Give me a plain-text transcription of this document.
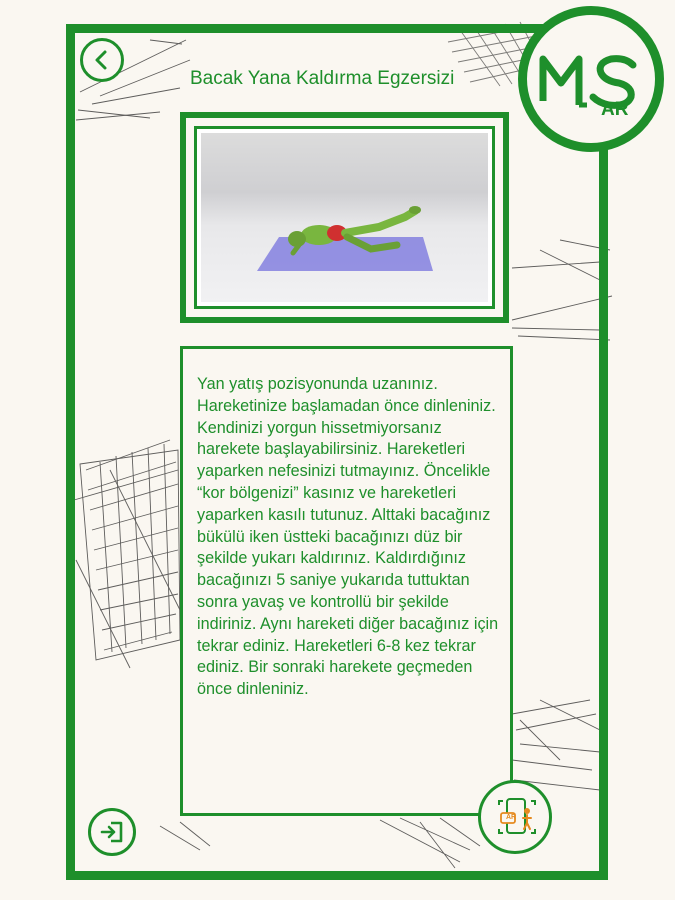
Bacak Yana Kaldırma Egzersizi
AR

Yan yatış pozisyonunda uzanınız. Hareketinize başlamadan önce dinleniniz. Kendinizi yorgun hissetmiyorsanız harekete başlayabilirsiniz. Hareketleri yaparken nefesinizi tutmayınız. Öncelikle “kor bölgenizi” kasınız ve hareketleri yaparken kasılı tutunuz. Alttaki bacağınız bükülü iken üstteki bacağınızı düz bir şekilde yukarı kaldırınız. Kaldırdığınız bacağınızı 5 saniye yukarıda tuttuktan sonra yavaş ve kontrollü bir şekilde indiriniz. Aynı hareketi diğer bacağınız için tekrar ediniz. Hareketleri 6-8 kez tekrar ediniz. Bir sonraki harekete geçmeden önce dinleniniz.

AR
